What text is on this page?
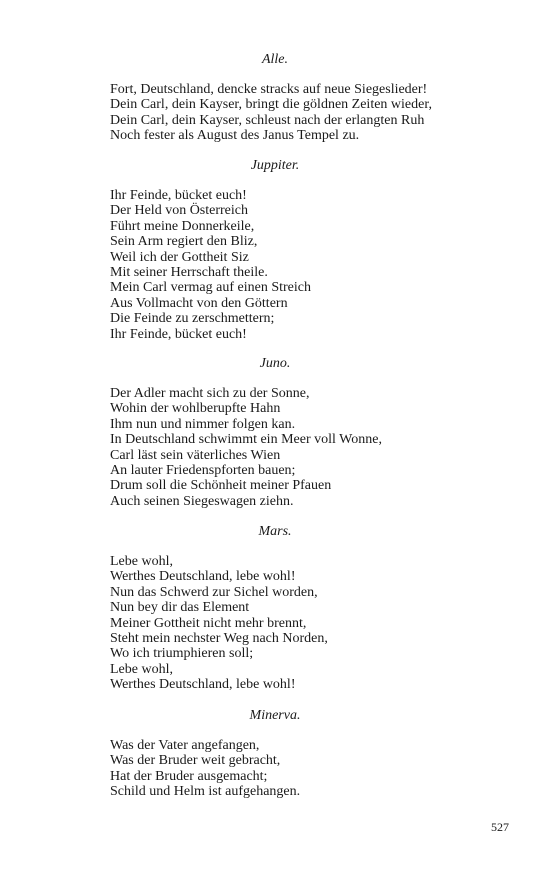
Alle.
Fort, Deutschland, dencke stracks auf neue Siegeslieder!
Dein Carl, dein Kayser, bringt die göldnen Zeiten wieder,
Dein Carl, dein Kayser, schleust nach der erlangten Ruh
Noch fester als August des Janus Tempel zu.
Juppiter.
Ihr Feinde, bücket euch!
Der Held von Österreich
Führt meine Donnerkeile,
Sein Arm regiert den Bliz,
Weil ich der Gottheit Siz
Mit seiner Herrschaft theile.
Mein Carl vermag auf einen Streich
Aus Vollmacht von den Göttern
Die Feinde zu zerschmettern;
Ihr Feinde, bücket euch!
Juno.
Der Adler macht sich zu der Sonne,
Wohin der wohlberupfte Hahn
Ihm nun und nimmer folgen kan.
In Deutschland schwimmt ein Meer voll Wonne,
Carl läst sein väterliches Wien
An lauter Friedenspforten bauen;
Drum soll die Schönheit meiner Pfauen
Auch seinen Siegeswagen ziehn.
Mars.
Lebe wohl,
Werthes Deutschland, lebe wohl!
Nun das Schwerd zur Sichel worden,
Nun bey dir das Element
Meiner Gottheit nicht mehr brennt,
Steht mein nechster Weg nach Norden,
Wo ich triumphieren soll;
Lebe wohl,
Werthes Deutschland, lebe wohl!
Minerva.
Was der Vater angefangen,
Was der Bruder weit gebracht,
Hat der Bruder ausgemacht;
Schild und Helm ist aufgehangen.
527
